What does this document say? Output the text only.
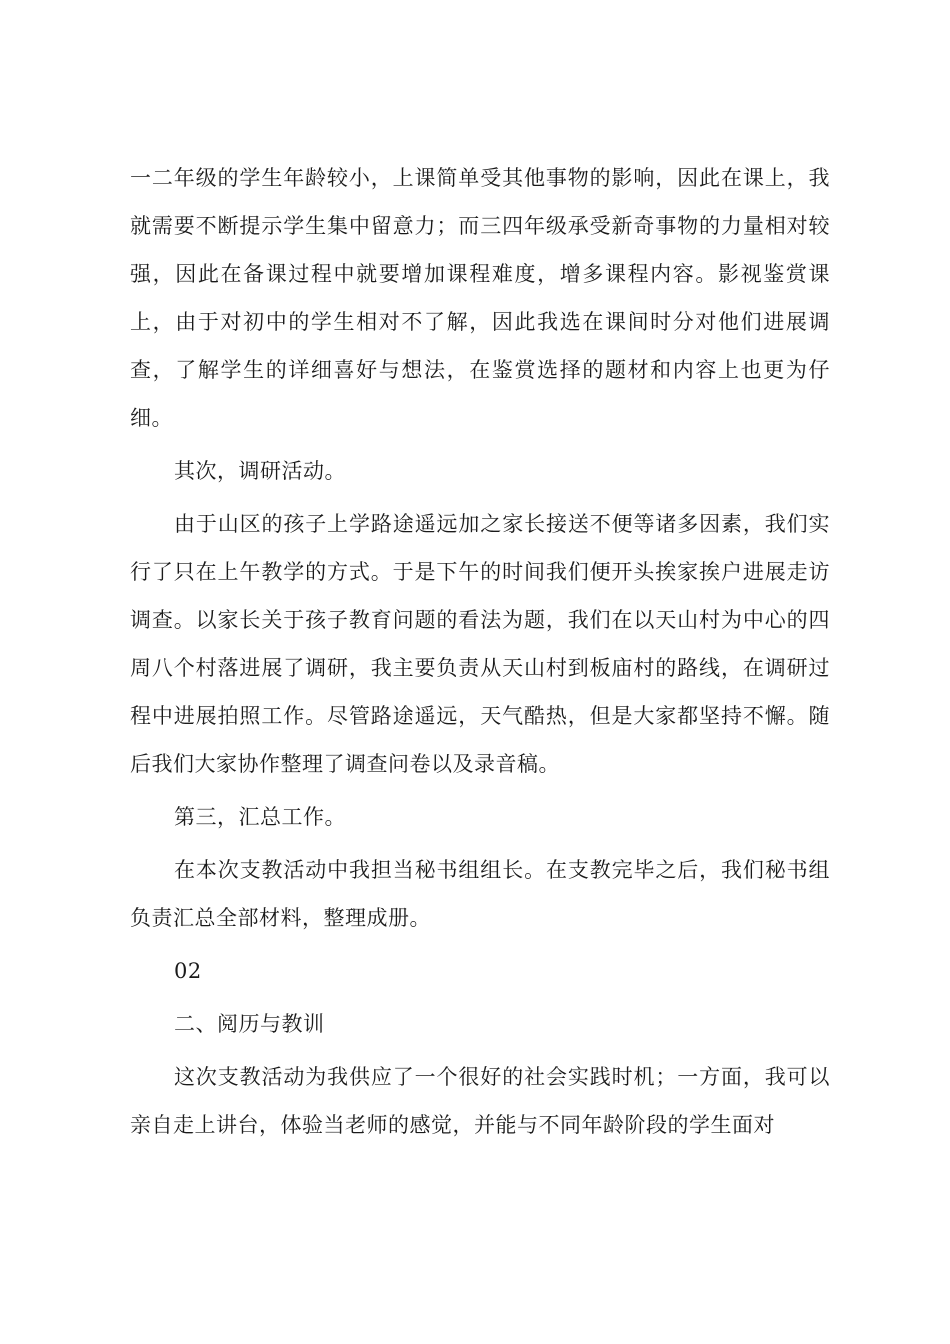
一二年级的学生年龄较小，上课简单受其他事物的影响，因此在课上，我就需要不断提示学生集中留意力；而三四年级承受新奇事物的力量相对较强，因此在备课过程中就要增加课程难度，增多课程内容。影视鉴赏课上，由于对初中的学生相对不了解，因此我选在课间时分对他们进展调查，了解学生的详细喜好与想法，在鉴赏选择的题材和内容上也更为仔细。

其次，调研活动。

由于山区的孩子上学路途遥远加之家长接送不便等诸多因素，我们实行了只在上午教学的方式。于是下午的时间我们便开头挨家挨户进展走访调查。以家长关于孩子教育问题的看法为题，我们在以天山村为中心的四周八个村落进展了调研，我主要负责从天山村到板庙村的路线，在调研过程中进展拍照工作。尽管路途遥远，天气酷热，但是大家都坚持不懈。随后我们大家协作整理了调查问卷以及录音稿。

第三，汇总工作。

在本次支教活动中我担当秘书组组长。在支教完毕之后，我们秘书组负责汇总全部材料，整理成册。

02

二、阅历与教训

这次支教活动为我供应了一个很好的社会实践时机；一方面，我可以亲自走上讲台，体验当老师的感觉，并能与不同年龄阶段的学生面对
